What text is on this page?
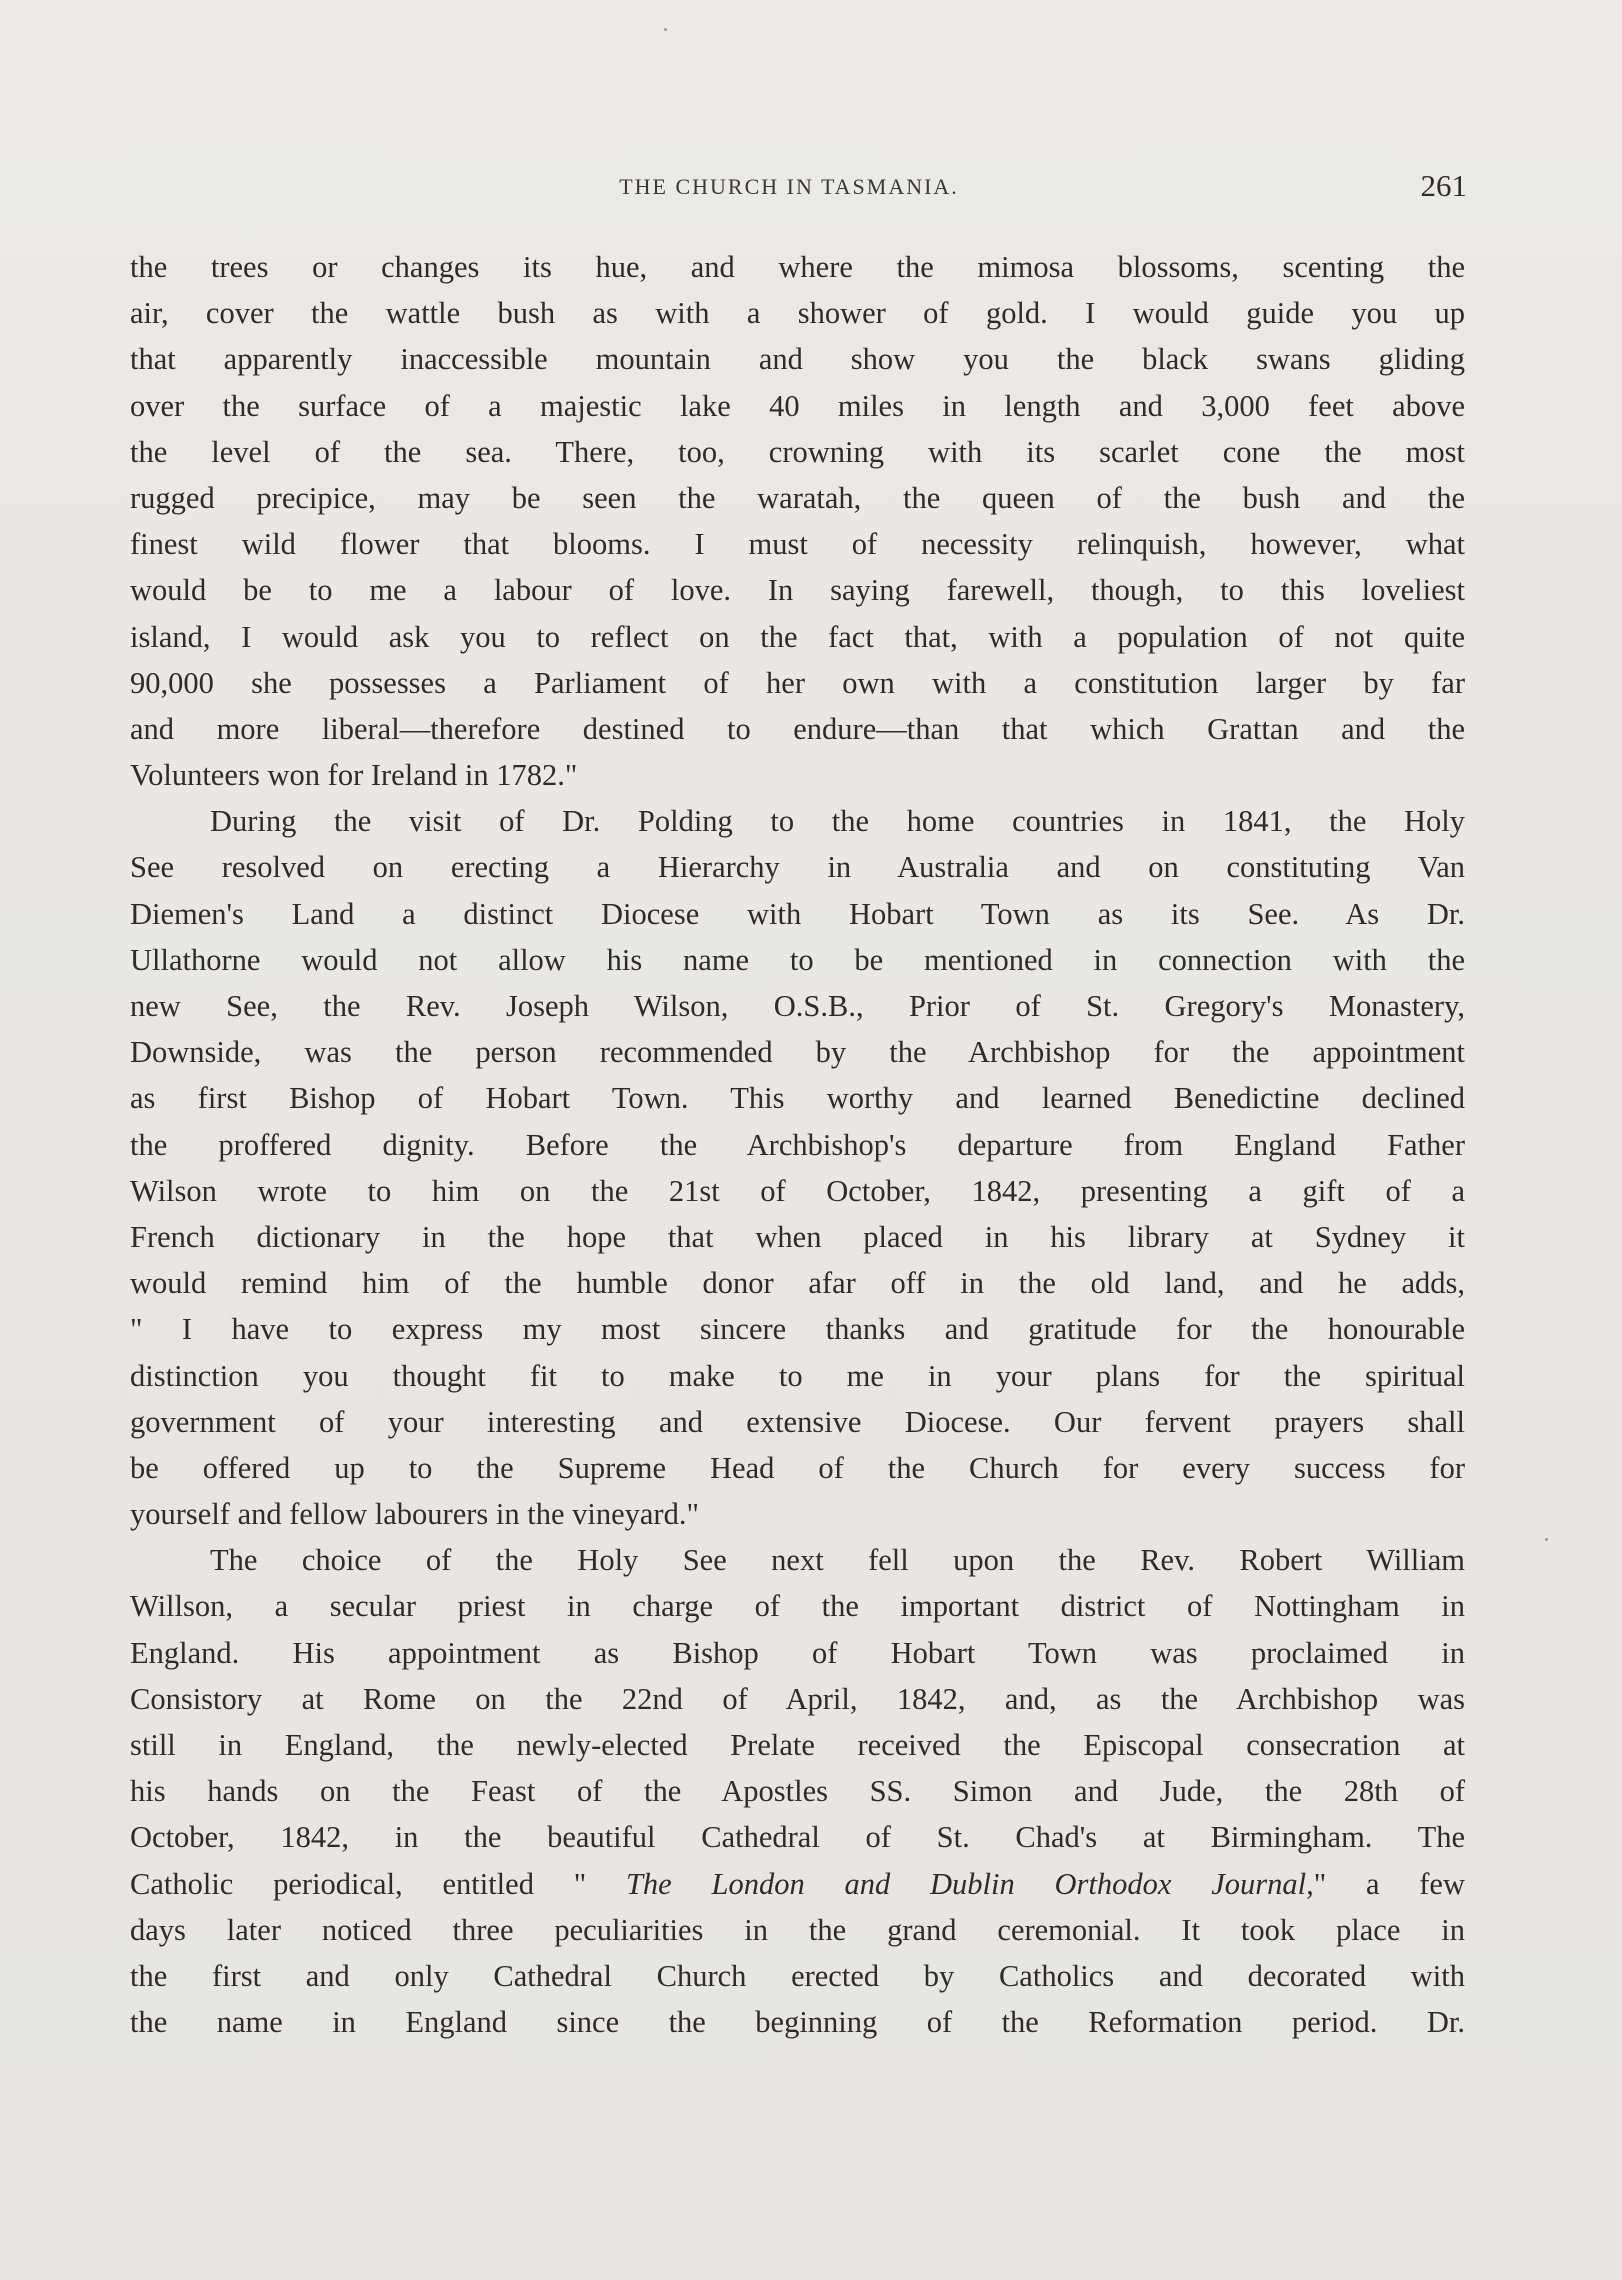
THE CHURCH IN TASMANIA.	261
the trees or changes its hue, and where the mimosa blossoms, scenting the
air, cover the wattle bush as with a shower of gold. I would guide you up
that apparently inaccessible mountain and show you the black swans gliding
over the surface of a majestic lake 40 miles in length and 3,000 feet above
the level of the sea. There, too, crowning with its scarlet cone the most
rugged precipice, may be seen the waratah, the queen of the bush and the
finest wild flower that blooms. I must of necessity relinquish, however, what
would be to me a labour of love. In saying farewell, though, to this loveliest
island, I would ask you to reflect on the fact that, with a population of not quite
90,000 she possesses a Parliament of her own with a constitution larger by far
and more liberal—therefore destined to endure—than that which Grattan and the
Volunteers won for Ireland in 1782."
During the visit of Dr. Polding to the home countries in 1841, the Holy
See resolved on erecting a Hierarchy in Australia and on constituting Van
Diemen's Land a distinct Diocese with Hobart Town as its See. As Dr.
Ullathorne would not allow his name to be mentioned in connection with the
new See, the Rev. Joseph Wilson, O.S.B., Prior of St. Gregory's Monastery,
Downside, was the person recommended by the Archbishop for the appointment
as first Bishop of Hobart Town. This worthy and learned Benedictine declined
the proffered dignity. Before the Archbishop's departure from England Father
Wilson wrote to him on the 21st of October, 1842, presenting a gift of a
French dictionary in the hope that when placed in his library at Sydney it
would remind him of the humble donor afar off in the old land, and he adds,
" I have to express my most sincere thanks and gratitude for the honourable
distinction you thought fit to make to me in your plans for the spiritual
government of your interesting and extensive Diocese. Our fervent prayers shall
be offered up to the Supreme Head of the Church for every success for
yourself and fellow labourers in the vineyard."
The choice of the Holy See next fell upon the Rev. Robert William
Willson, a secular priest in charge of the important district of Nottingham in
England. His appointment as Bishop of Hobart Town was proclaimed in
Consistory at Rome on the 22nd of April, 1842, and, as the Archbishop was
still in England, the newly-elected Prelate received the Episcopal consecration at
his hands on the Feast of the Apostles SS. Simon and Jude, the 28th of
October, 1842, in the beautiful Cathedral of St. Chad's at Birmingham. The
Catholic periodical, entitled " The London and Dublin Orthodox Journal," a few
days later noticed three peculiarities in the grand ceremonial. It took place in
the first and only Cathedral Church erected by Catholics and decorated with
the name in England since the beginning of the Reformation period. Dr.
